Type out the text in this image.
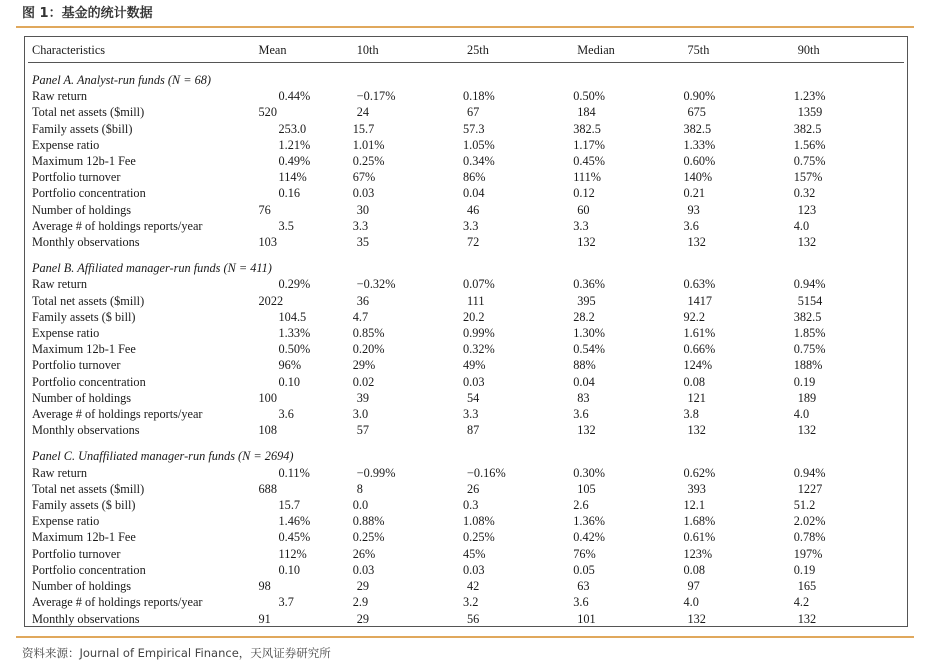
图 1：基金的统计数据
Characteristics	Mean	10th	25th	Median	75th	90th

Panel A. Analyst-run funds (N = 68)						
Raw return	0.44%	−0.17%	0.18%	0.50%	0.90%	1.23%
Total net assets ($mill)	520	24	67	184	675	1359
Family assets ($bill)	253.0	15.7	57.3	382.5	382.5	382.5
Expense ratio	1.21%	1.01%	1.05%	1.17%	1.33%	1.56%
Maximum 12b-1 Fee	0.49%	0.25%	0.34%	0.45%	0.60%	0.75%
Portfolio turnover	114%	67%	86%	111%	140%	157%
Portfolio concentration	0.16	0.03	0.04	0.12	0.21	0.32
Number of holdings	76	30	46	60	93	123
Average # of holdings reports/year	3.5	3.3	3.3	3.3	3.6	4.0
Monthly observations	103	35	72	132	132	132

Panel B. Affiliated manager-run funds (N = 411)						
Raw return	0.29%	−0.32%	0.07%	0.36%	0.63%	0.94%
Total net assets ($mill)	2022	36	111	395	1417	5154
Family assets ($ bill)	104.5	4.7	20.2	28.2	92.2	382.5
Expense ratio	1.33%	0.85%	0.99%	1.30%	1.61%	1.85%
Maximum 12b-1 Fee	0.50%	0.20%	0.32%	0.54%	0.66%	0.75%
Portfolio turnover	96%	29%	49%	88%	124%	188%
Portfolio concentration	0.10	0.02	0.03	0.04	0.08	0.19
Number of holdings	100	39	54	83	121	189
Average # of holdings reports/year	3.6	3.0	3.3	3.6	3.8	4.0
Monthly observations	108	57	87	132	132	132

Panel C. Unaffiliated manager-run funds (N = 2694)						
Raw return	0.11%	−0.99%	−0.16%	0.30%	0.62%	0.94%
Total net assets ($mill)	688	8	26	105	393	1227
Family assets ($ bill)	15.7	0.0	0.3	2.6	12.1	51.2
Expense ratio	1.46%	0.88%	1.08%	1.36%	1.68%	2.02%
Maximum 12b-1 Fee	0.45%	0.25%	0.25%	0.42%	0.61%	0.78%
Portfolio turnover	112%	26%	45%	76%	123%	197%
Portfolio concentration	0.10	0.03	0.03	0.05	0.08	0.19
Number of holdings	98	29	42	63	97	165
Average # of holdings reports/year	3.7	2.9	3.2	3.6	4.0	4.2
Monthly observations	91	29	56	101	132	132
资料来源：Journal of Empirical Finance，天风证券研究所
